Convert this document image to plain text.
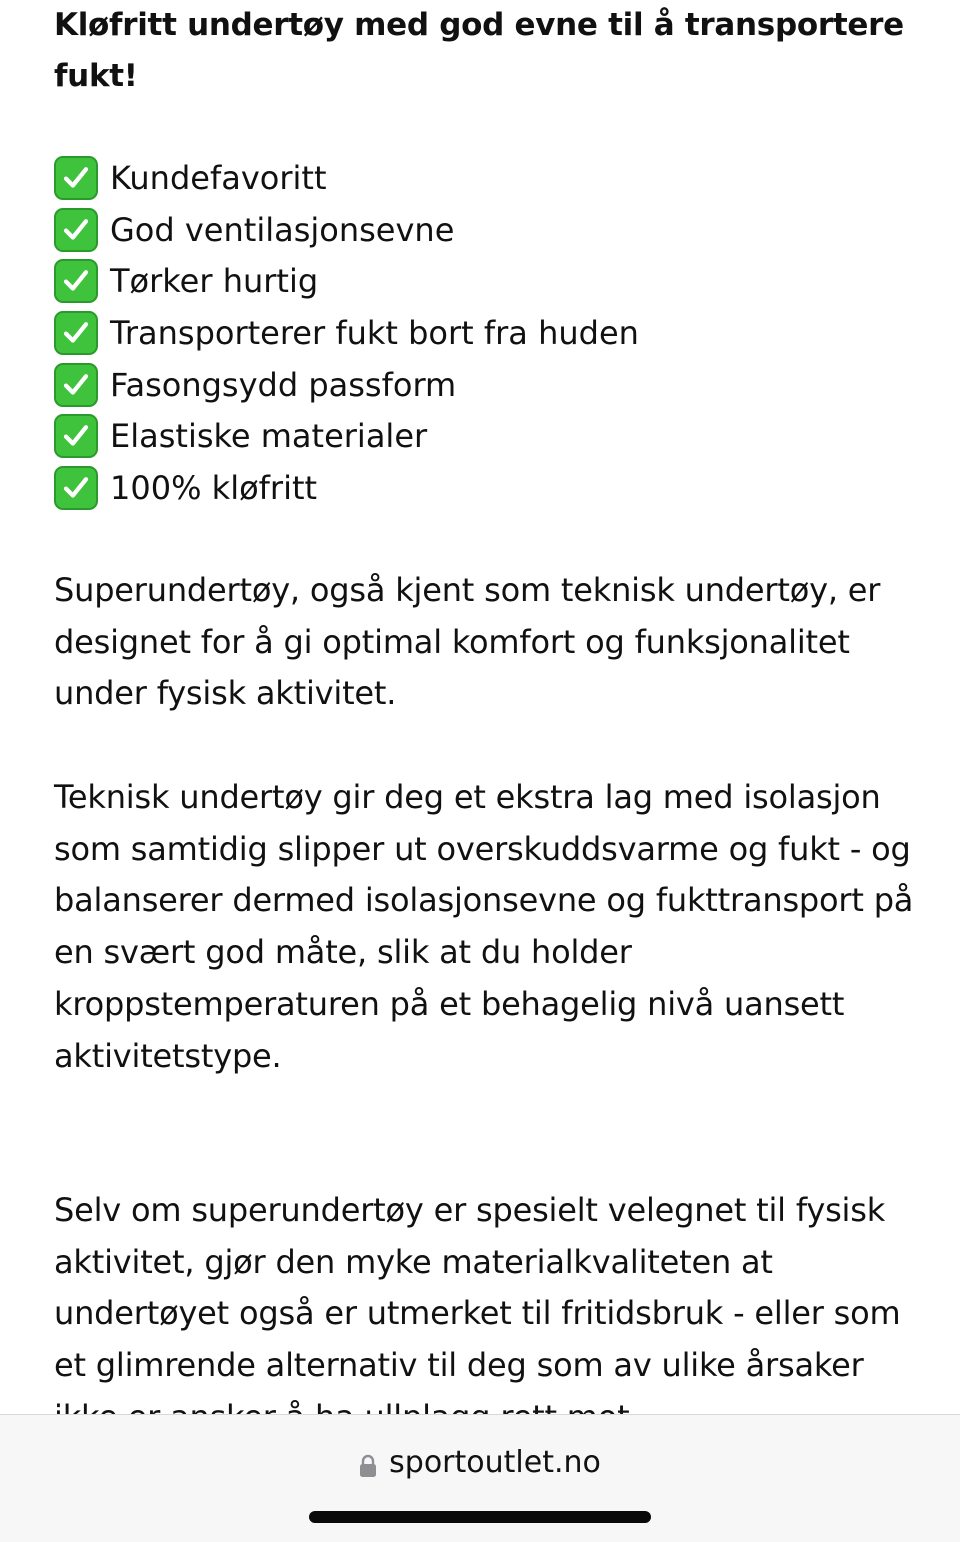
Kløfritt undertøy med god evne til å transportere fukt!
Kundefavoritt
God ventilasjonsevne
Tørker hurtig
Transporterer fukt bort fra huden
Fasongsydd passform
Elastiske materialer
100% kløfritt

Superundertøy, også kjent som teknisk undertøy, er designet for å gi optimal komfort og funksjonalitet under fysisk aktivitet.

Teknisk undertøy gir deg et ekstra lag med isolasjon som samtidig slipper ut overskuddsvarme og fukt - og balanserer dermed isolasjonsevne og fukttransport på en svært god måte, slik at du holder kroppstemperaturen på et behagelig nivå uansett aktivitetstype.

Selv om superundertøy er spesielt velegnet til fysisk aktivitet, gjør den myke materialkvaliteten at undertøyet også er utmerket til fritidsbruk - eller som et glimrende alternativ til deg som av ulike årsaker

sportoutlet.no
